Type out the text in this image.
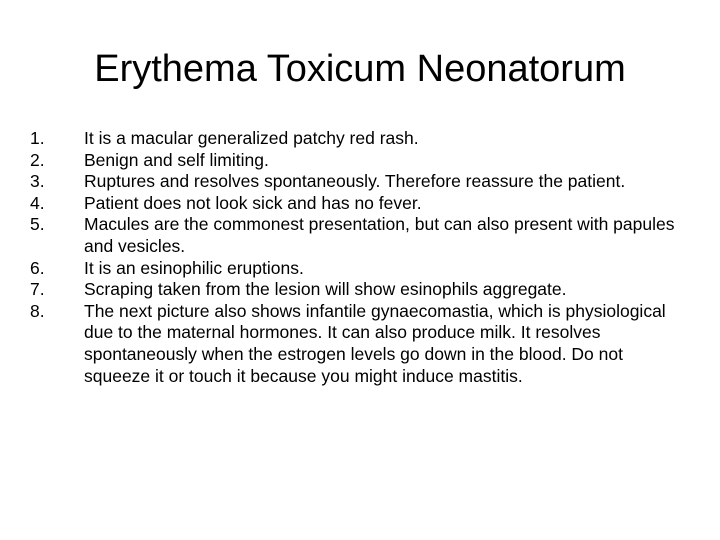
Erythema Toxicum Neonatorum
1.	It is a macular generalized patchy red rash.
2.	Benign and self limiting.
3.	Ruptures and resolves spontaneously. Therefore reassure the patient.
4.	Patient does not look sick and has no fever.
5.	Macules are the commonest presentation, but can also present with papules and vesicles.
6.	It is an esinophilic eruptions.
7.	Scraping taken from the lesion will show esinophils aggregate.
8.	The next picture also shows infantile gynaecomastia, which is physiological due to the maternal hormones. It can also produce milk. It resolves spontaneously when the estrogen levels go down in the blood. Do not squeeze it or touch it because you might induce mastitis.
